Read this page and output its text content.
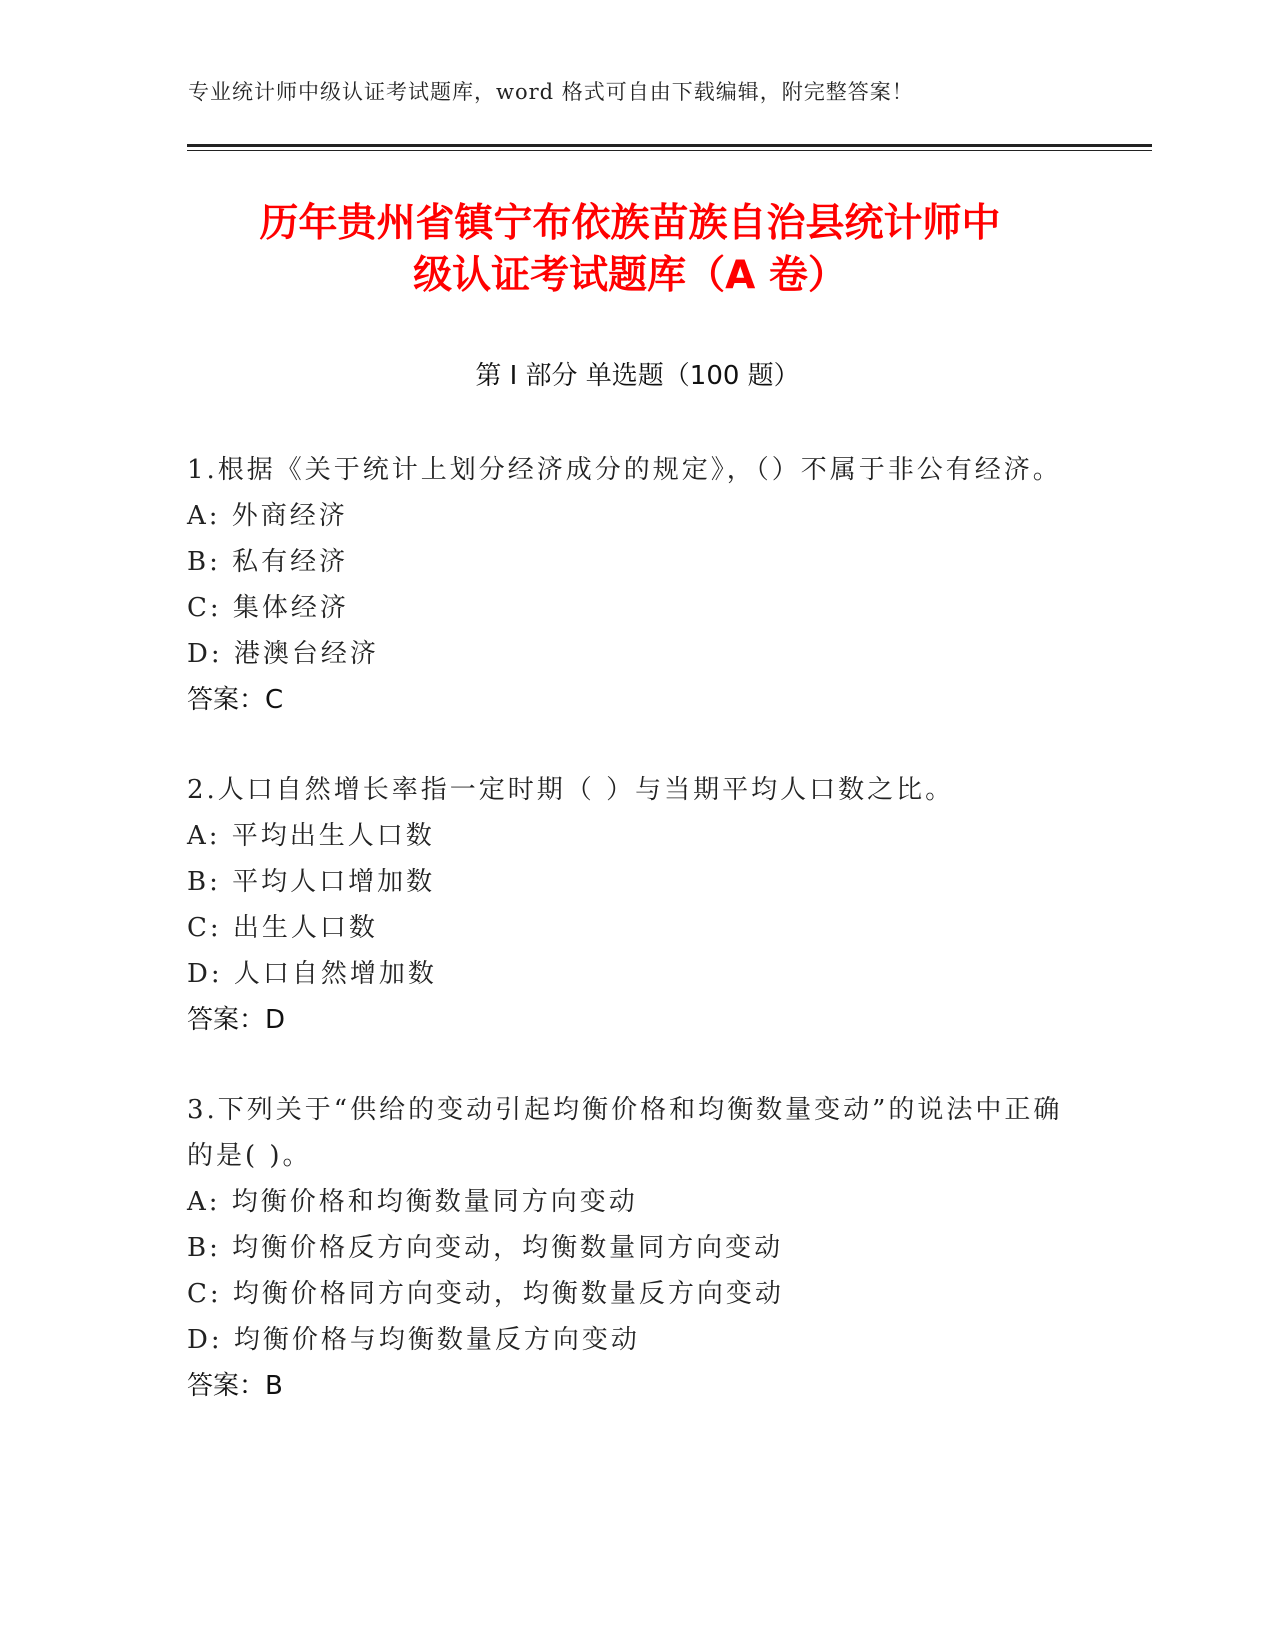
专业统计师中级认证考试题库，word 格式可自由下载编辑，附完整答案！
历年贵州省镇宁布依族苗族自治县统计师中
级认证考试题库（A 卷）
第 I 部分 单选题（100 题）

1.根据《关于统计上划分经济成分的规定》，（）不属于非公有经济。

A: 外商经济

B: 私有经济

C: 集体经济

D: 港澳台经济

答案：C

2.人口自然增长率指一定时期（ ）与当期平均人口数之比。

A: 平均出生人口数

B: 平均人口增加数

C: 出生人口数

D: 人口自然增加数

答案：D

3.下列关于“供给的变动引起均衡价格和均衡数量变动”的说法中正确的是( )。

A: 均衡价格和均衡数量同方向变动

B: 均衡价格反方向变动，均衡数量同方向变动

C: 均衡价格同方向变动，均衡数量反方向变动

D: 均衡价格与均衡数量反方向变动

答案：B
